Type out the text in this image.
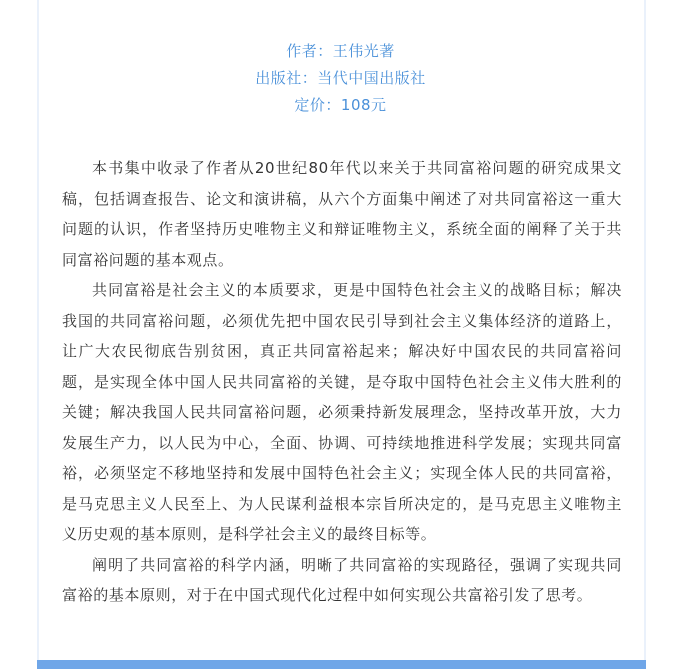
作者：王伟光著
出版社：当代中国出版社
定价：108元

本书集中收录了作者从20世纪80年代以来关于共同富裕问题的研究成果文稿，包括调查报告、论文和演讲稿，从六个方面集中阐述了对共同富裕这一重大问题的认识，作者坚持历史唯物主义和辩证唯物主义，系统全面的阐释了关于共同富裕问题的基本观点。

共同富裕是社会主义的本质要求，更是中国特色社会主义的战略目标；解决我国的共同富裕问题，必须优先把中国农民引导到社会主义集体经济的道路上，让广大农民彻底告别贫困，真正共同富裕起来；解决好中国农民的共同富裕问题，是实现全体中国人民共同富裕的关键，是夺取中国特色社会主义伟大胜利的关键；解决我国人民共同富裕问题，必须秉持新发展理念，坚持改革开放，大力发展生产力，以人民为中心，全面、协调、可持续地推进科学发展；实现共同富裕，必须坚定不移地坚持和发展中国特色社会主义；实现全体人民的共同富裕，是马克思主义人民至上、为人民谋利益根本宗旨所决定的，是马克思主义唯物主义历史观的基本原则，是科学社会主义的最终目标等。

阐明了共同富裕的科学内涵，明晰了共同富裕的实现路径，强调了实现共同富裕的基本原则，对于在中国式现代化过程中如何实现公共富裕引发了思考。
